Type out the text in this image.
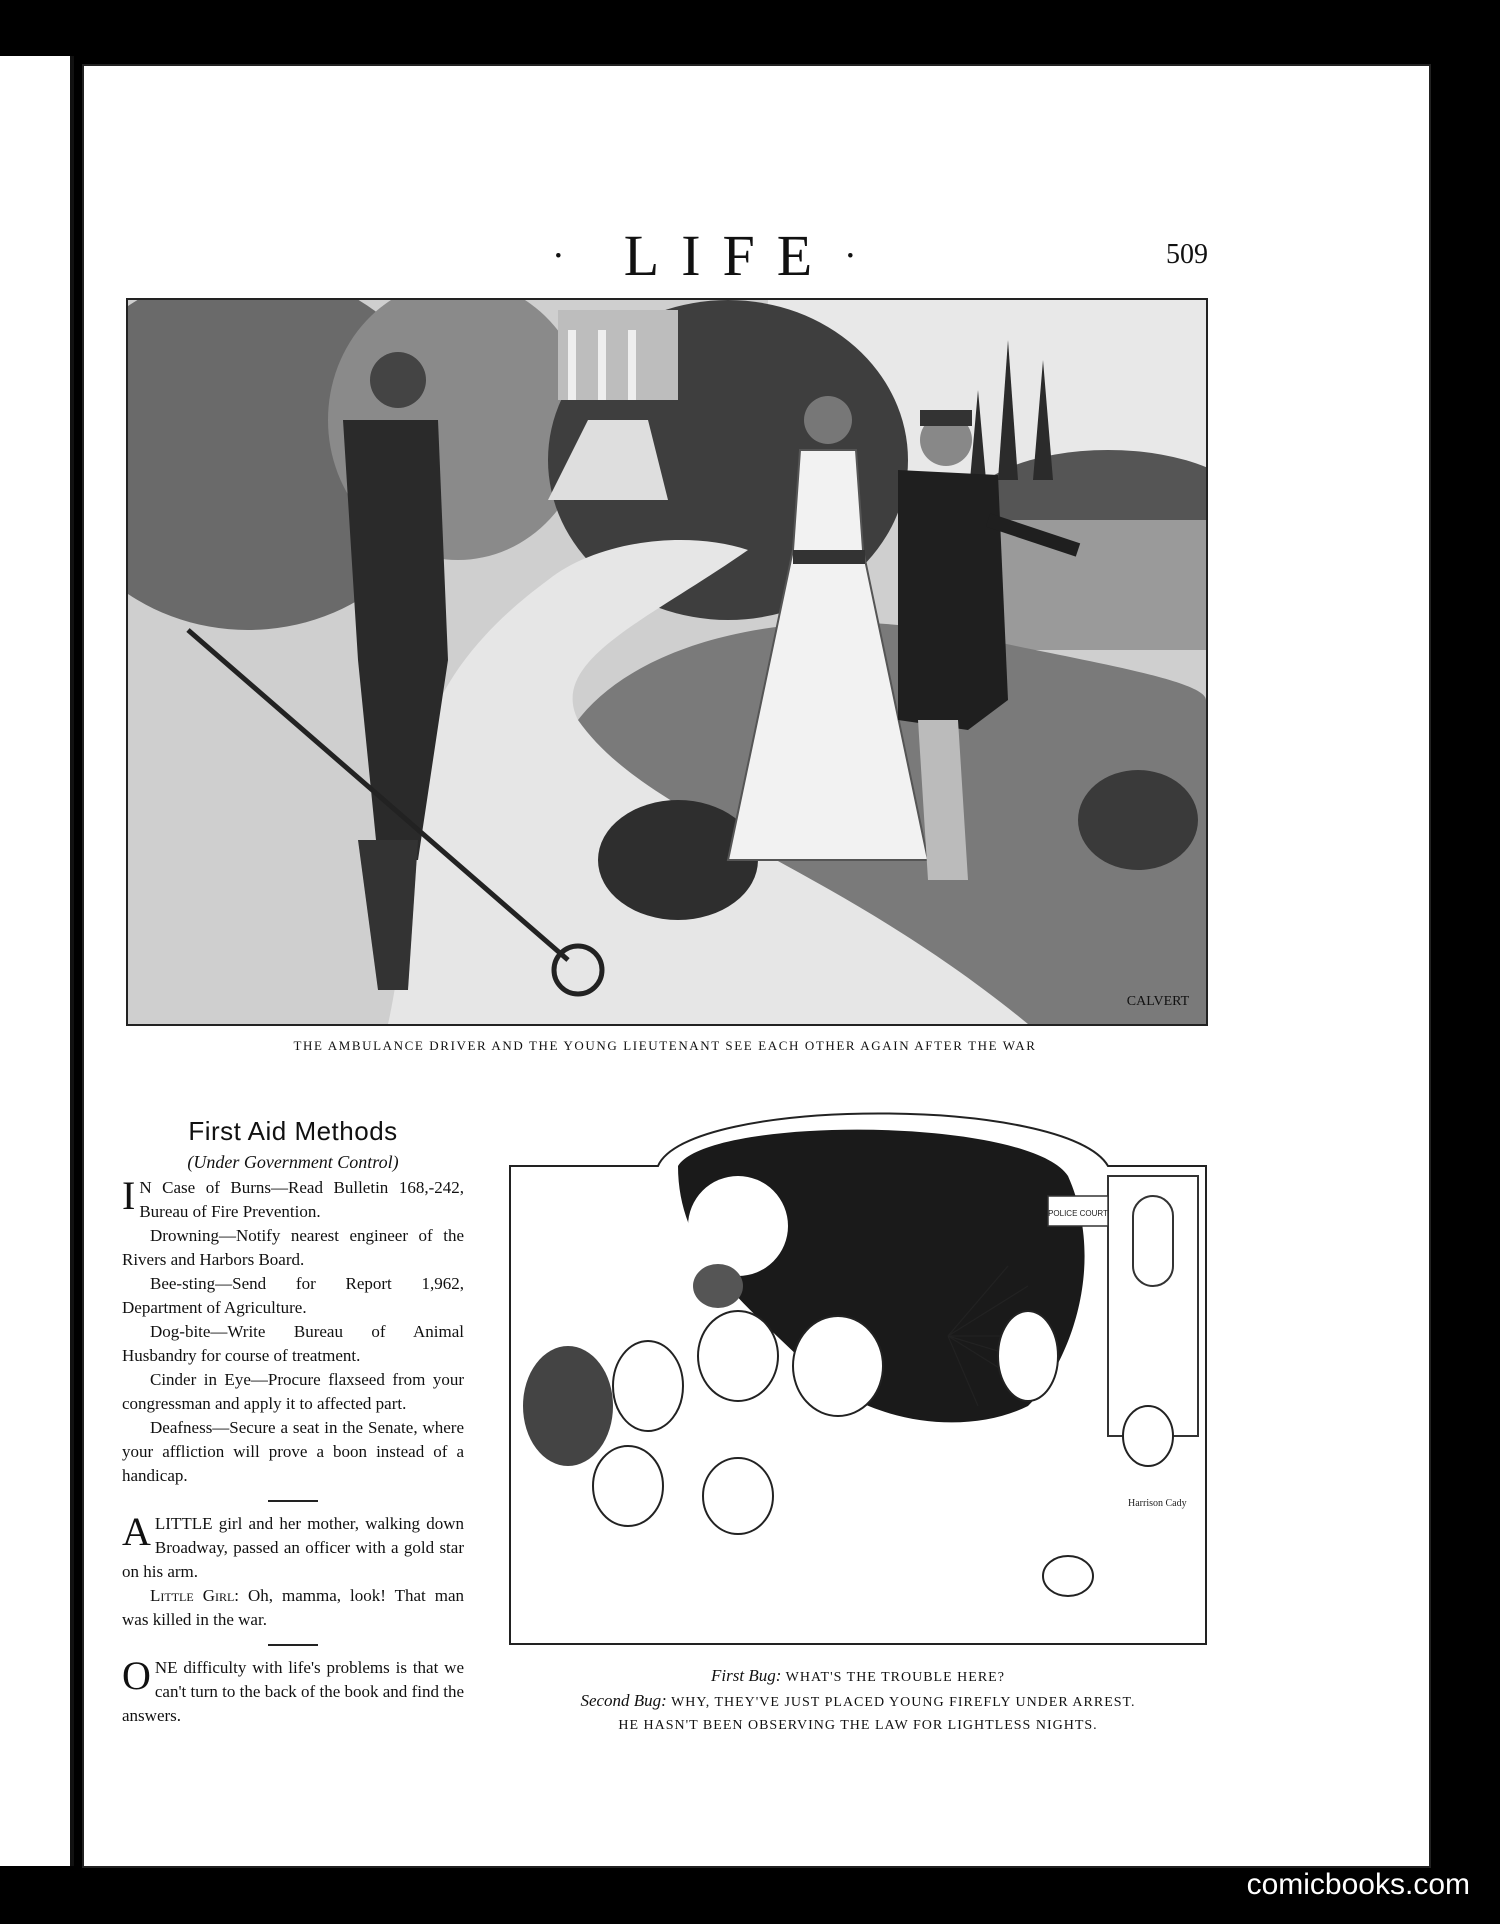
·	LIFE ·	509
CALVERT
THE AMBULANCE DRIVER AND THE YOUNG LIEUTENANT SEE EACH OTHER AGAIN AFTER THE WAR
First Aid Methods
(Under Government Control)

I N Case of Burns—Read Bulletin 168,-242, Bureau of Fire Prevention.

Drowning—Notify nearest engineer of the Rivers and Harbors Board.

Bee-sting—Send for Report 1,962, Department of Agriculture.

Dog-bite—Write Bureau of Animal Husbandry for course of treatment.

Cinder in Eye—Procure flaxseed from your congressman and apply it to affected part.

Deafness—Secure a seat in the Senate, where your affliction will prove a boon instead of a handicap.

A LITTLE girl and her mother, walking down Broadway, passed an officer with a gold star on his arm.

Little Girl: Oh, mamma, look! That man was killed in the war.

ONE difficulty with life's problems is that we can't turn to the back of the book and find the answers.

POLICE COURT
Harrison Cady
First Bug: WHAT'S THE TROUBLE HERE?
Second Bug: WHY, THEY'VE JUST PLACED YOUNG FIREFLY UNDER ARREST.
HE HASN'T BEEN OBSERVING THE LAW FOR LIGHTLESS NIGHTS.
comicbooks.com
